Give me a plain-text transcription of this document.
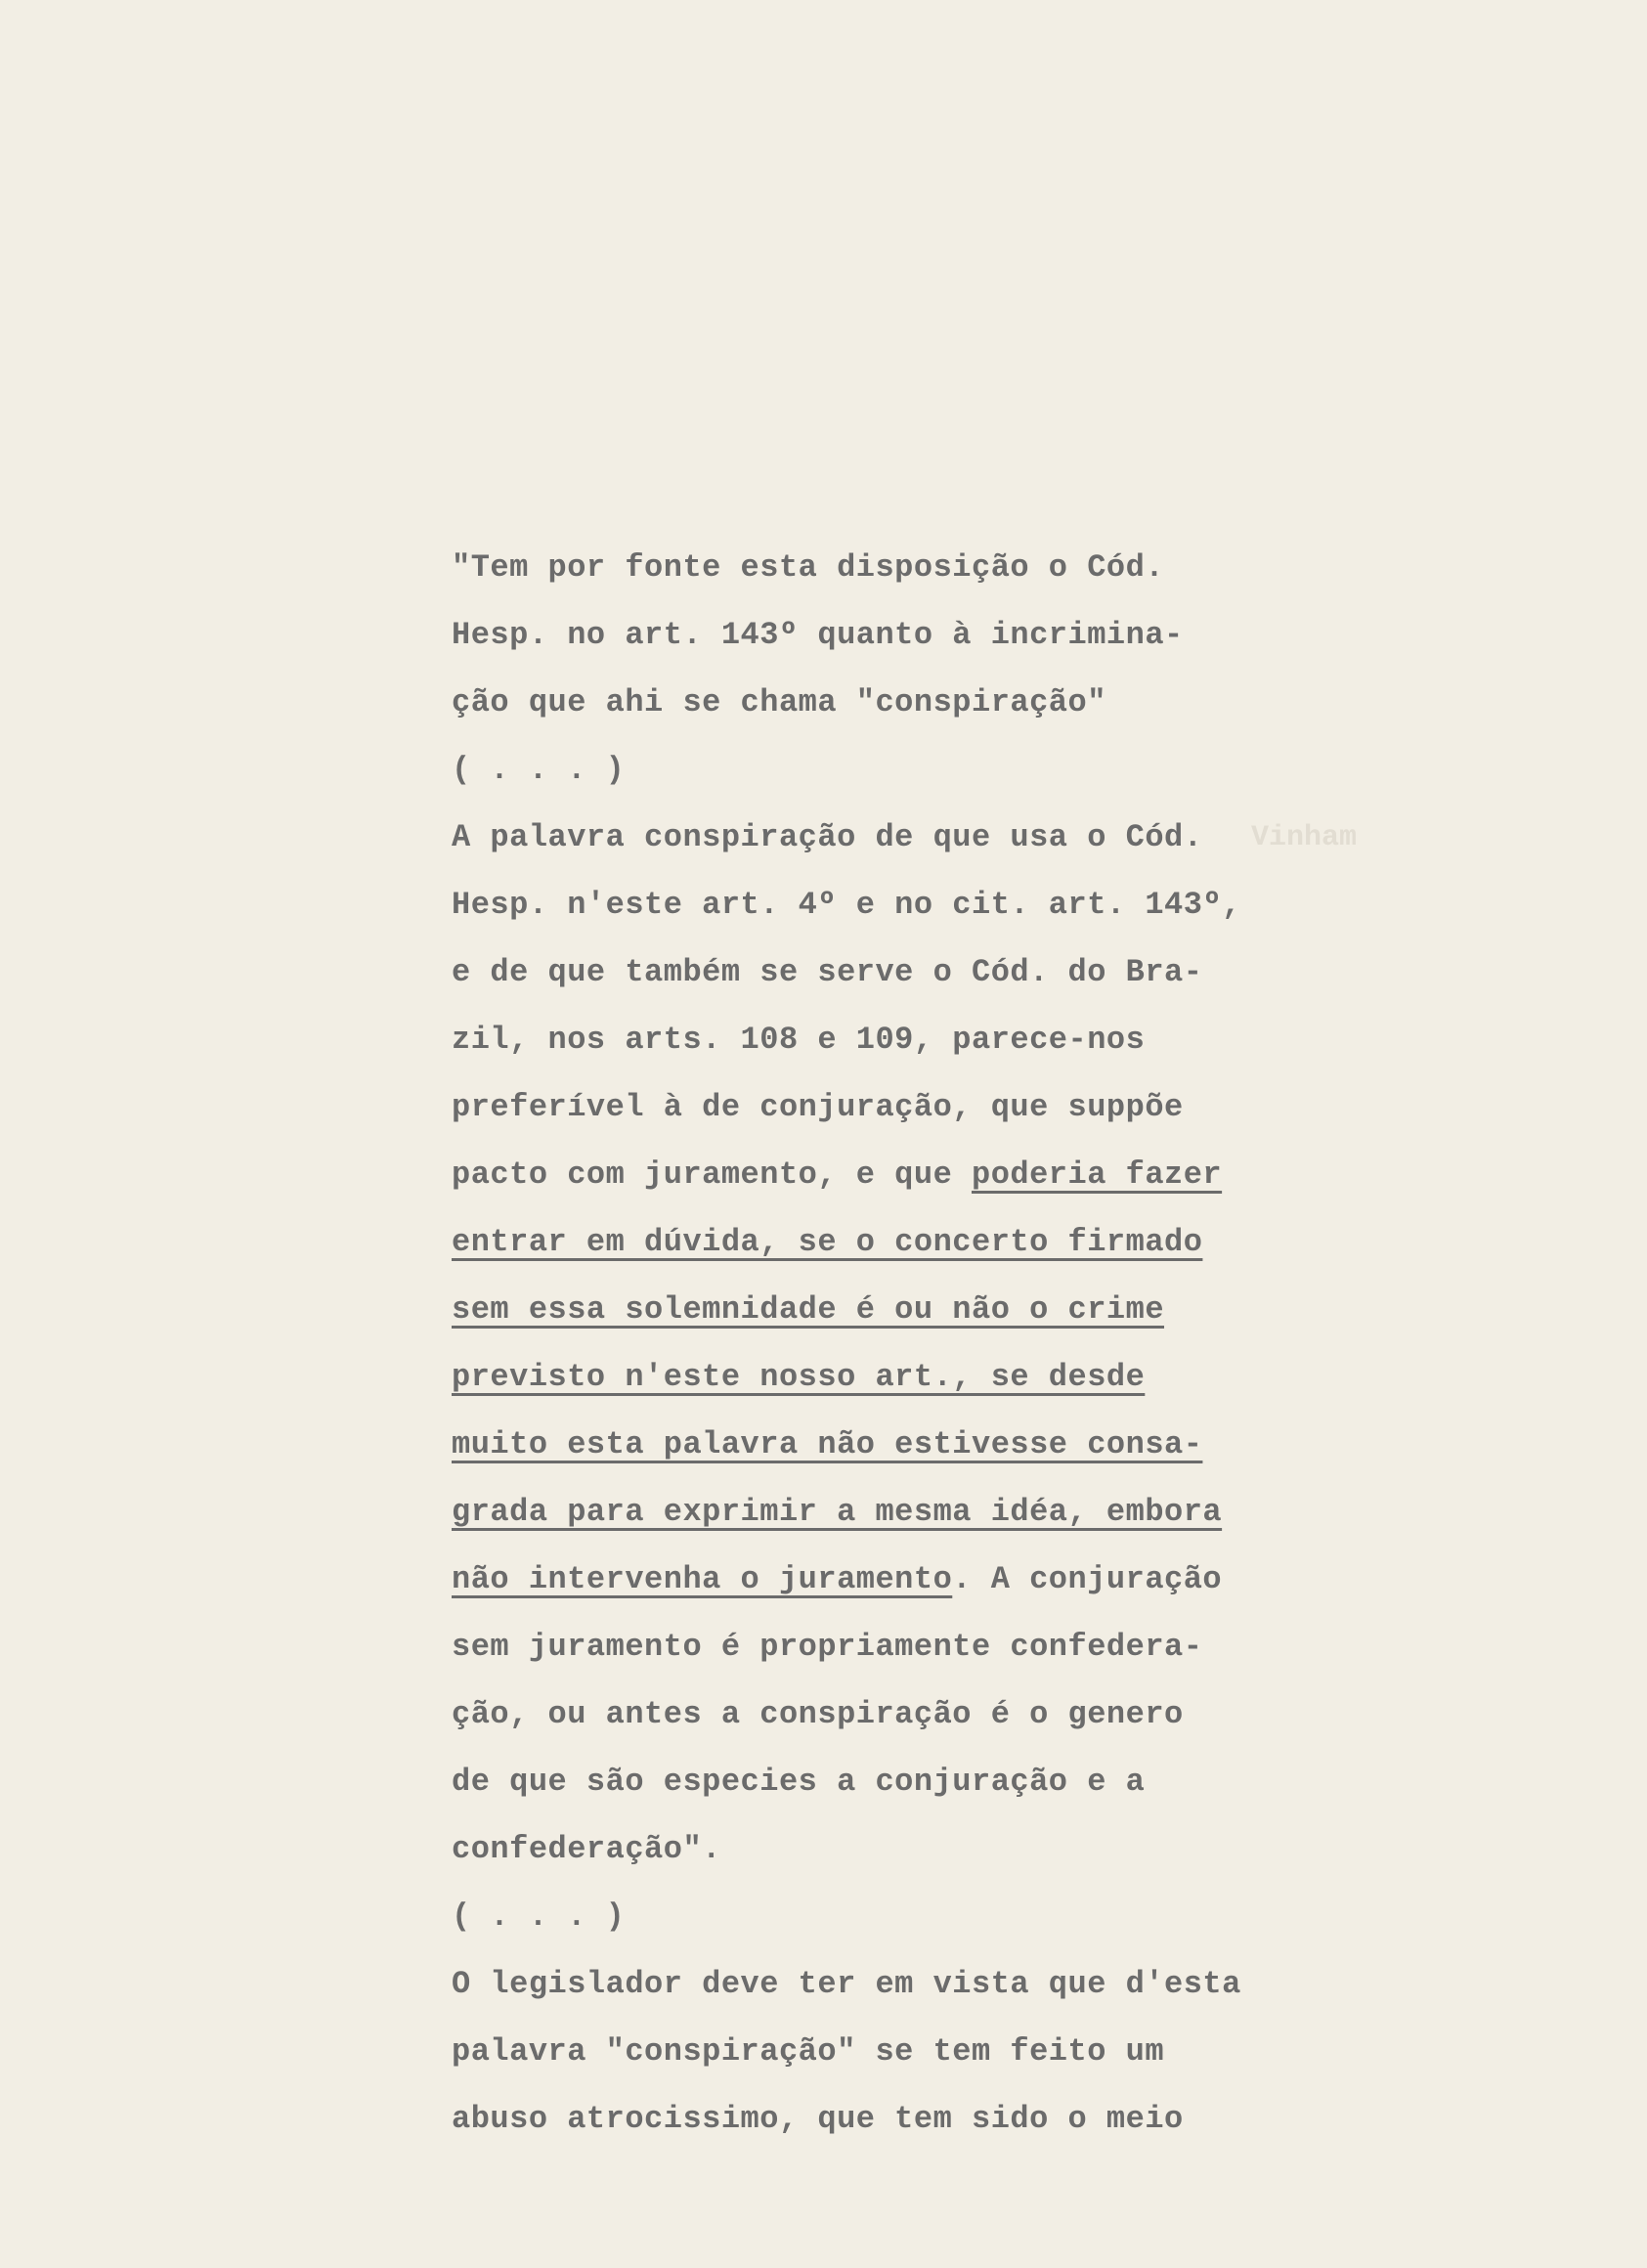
Vinham
"Tem por fonte esta disposição o Cód.
Hesp. no art. 143º quanto à incrimina-
ção que ahi se chama "conspiração"
( . . . )
A palavra conspiração de que usa o Cód.
Hesp. n'este art. 4º e no cit. art. 143º,
e de que também se serve o Cód. do Bra-
zil, nos arts. 108 e 109, parece-nos
preferível à de conjuração, que suppõe
pacto com juramento, e que poderia fazer
entrar em dúvida, se o concerto firmado
sem essa solemnidade é ou não o crime
previsto n'este nosso art., se desde
muito esta palavra não estivesse consa-
grada para exprimir a mesma idéa, embora
não intervenha o juramento. A conjuração
sem juramento é propriamente confedera-
ção, ou antes a conspiração é o genero
de que são especies a conjuração e a
confederação".
( . . . )
O legislador deve ter em vista que d'esta
palavra "conspiração" se tem feito um
abuso atrocissimo, que tem sido o meio
